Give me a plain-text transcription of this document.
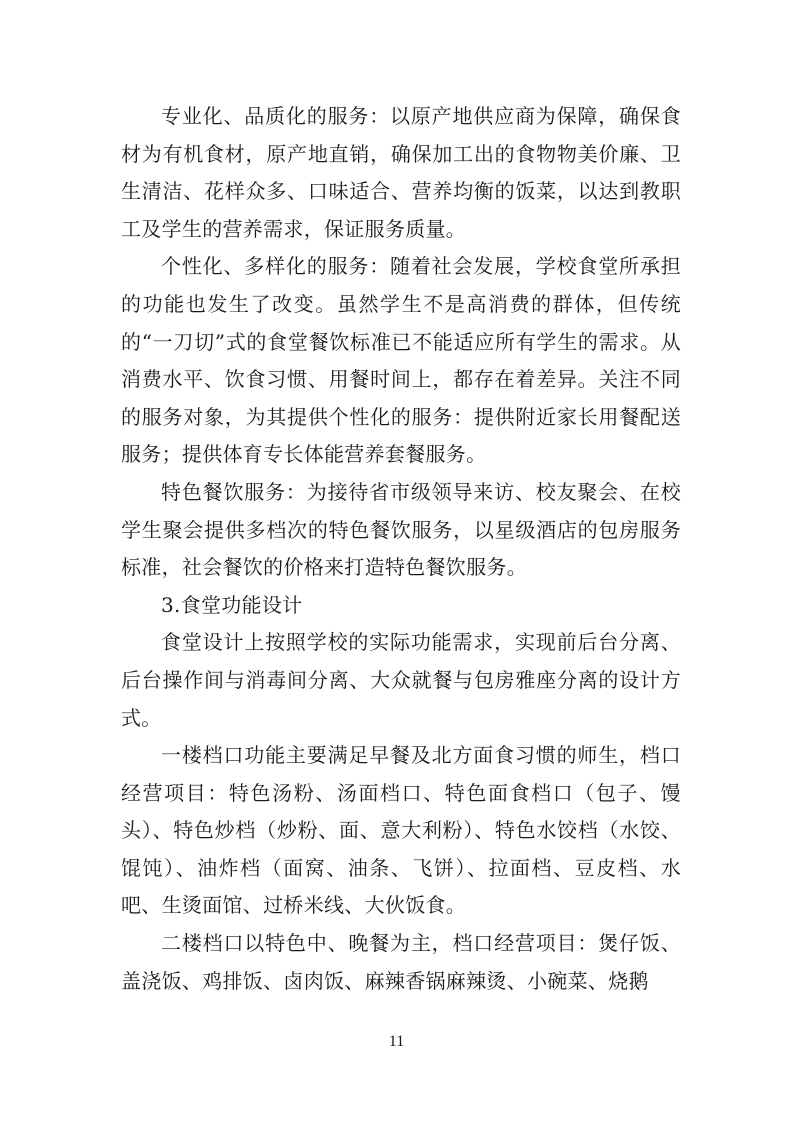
专业化、品质化的服务：以原产地供应商为保障，确保食材为有机食材，原产地直销，确保加工出的食物物美价廉、卫生清洁、花样众多、口味适合、营养均衡的饭菜，以达到教职工及学生的营养需求，保证服务质量。

个性化、多样化的服务：随着社会发展，学校食堂所承担的功能也发生了改变。虽然学生不是高消费的群体，但传统的“一刀切”式的食堂餐饮标准已不能适应所有学生的需求。从消费水平、饮食习惯、用餐时间上，都存在着差异。关注不同的服务对象，为其提供个性化的服务：提供附近家长用餐配送服务；提供体育专长体能营养套餐服务。

特色餐饮服务：为接待省市级领导来访、校友聚会、在校学生聚会提供多档次的特色餐饮服务，以星级酒店的包房服务标准，社会餐饮的价格来打造特色餐饮服务。

3.食堂功能设计

食堂设计上按照学校的实际功能需求，实现前后台分离、后台操作间与消毒间分离、大众就餐与包房雅座分离的设计方式。

一楼档口功能主要满足早餐及北方面食习惯的师生，档口经营项目：特色汤粉、汤面档口、特色面食档口（包子、馒头）、特色炒档（炒粉、面、意大利粉）、特色水饺档（水饺、馄饨）、油炸档（面窝、油条、飞饼）、拉面档、豆皮档、水吧、生烫面馆、过桥米线、大伙饭食。

二楼档口以特色中、晚餐为主，档口经营项目：煲仔饭、盖浇饭、鸡排饭、卤肉饭、麻辣香锅麻辣烫、小碗菜、烧鹅

11
